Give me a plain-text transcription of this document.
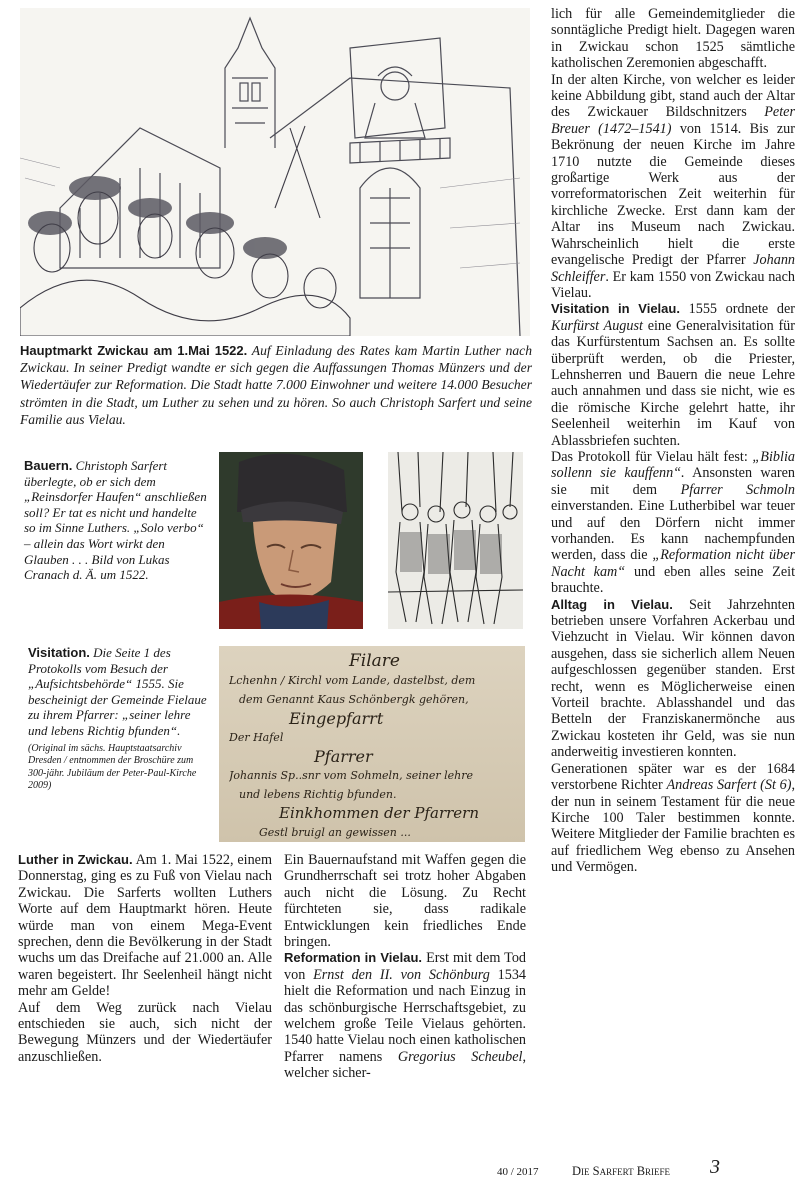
Hauptmarkt Zwickau am 1.Mai 1522. Auf Einladung des Rates kam Martin Luther nach Zwickau. In seiner Predigt wandte er sich gegen die Auffassungen Thomas Münzers und der Wiedertäufer zur Reformation. Die Stadt hatte 7.000 Einwohner und weitere 14.000 Besucher strömten in die Stadt, um Luther zu sehen und zu hören. So auch Christoph Sarfert und seine Familie aus Vielau.
Bauern. Christoph Sarfert überlegte, ob er sich dem „Reinsdorfer Haufen“ anschließen soll? Er tat es nicht und handelte so im Sinne Luthers. „Solo verbo“ – allein das Wort wirkt den Glauben . . . Bild von Lukas Cranach d. Ä. um 1522.
Visitation. Die Seite 1 des Protokolls vom Besuch der „Aufsichtsbehörde“ 1555. Sie bescheinigt der Gemeinde Fielaue zu ihrem Pfarrer: „seiner lehre und lebens Richtig bfunden“.
(Original im sächs. Hauptstaatsarchiv Dresden / entnommen der Broschüre zum 300-jähr. Jubiläum der Peter-Paul-Kirche 2009)
Filare
Lchenhn / Kirchl vom Lande, dastelbst, dem
dem Genannt Kaus Schönbergk gehören,
Eingepfarrt
Der Hafel
Pfarrer
Johannis Sp..snr vom Sohmeln, seiner lehre
und lebens Richtig bfunden.
Einkhommen der Pfarrern
Gestl bruigl an gewissen ...

Luther in Zwickau. Am 1. Mai 1522, einem Donnerstag, ging es zu Fuß von Vielau nach Zwickau. Die Sarferts wollten Luthers Worte auf dem Hauptmarkt hören. Heute würde man von einem Mega-Event sprechen, denn die Bevölkerung in der Stadt wuchs um das Dreifache auf 21.000 an. Alle waren begeistert. Ihr Seelenheil hängt nicht mehr am Gelde!

Auf dem Weg zurück nach Vielau entschieden sie auch, sich nicht der Bewegung Münzers und der Wiedertäufer anzuschließen.

Ein Bauernaufstand mit Waffen gegen die Grundherrschaft sei trotz hoher Abgaben auch nicht die Lösung. Zu Recht fürchteten sie, dass radikale Entwicklungen kein friedliches Ende bringen.

Reformation in Vielau. Erst mit dem Tod von Ernst den II. von Schönburg 1534 hielt die Reformation und nach Einzug in das schönburgische Herrschaftsgebiet, zu welchem große Teile Vielaus gehörten. 1540 hatte Vielau noch einen katholischen Pfarrer namens Gregorius Scheubel, welcher sicher-

lich für alle Gemeindemitglieder die sonntägliche Predigt hielt. Dagegen waren in Zwickau schon 1525 sämtliche katholischen Zeremonien abgeschafft.

In der alten Kirche, von welcher es leider keine Abbildung gibt, stand auch der Altar des Zwickauer Bildschnitzers Peter Breuer (1472–1541) von 1514. Bis zur Bekrönung der neuen Kirche im Jahre 1710 nutzte die Gemeinde dieses großartige Werk aus der vorreformatorischen Zeit weiterhin für kirchliche Zwecke. Erst dann kam der Altar ins Museum nach Zwickau. Wahrscheinlich hielt die erste evangelische Predigt der Pfarrer Johann Schleiffer. Er kam 1550 von Zwickau nach Vielau.

Visitation in Vielau. 1555 ordnete der Kurfürst August eine Generalvisitation für das Kurfürstentum Sachsen an. Es sollte überprüft werden, ob die Priester, Lehnsherren und Bauern die neue Lehre auch annahmen und dass sie nicht, wie es die römische Kirche gelehrt hatte, ihr Seelenheil weiterhin im Kauf von Ablassbriefen suchten.

Das Protokoll für Vielau hält fest: „Biblia sollenn sie kauffenn“. Ansonsten waren sie mit dem Pfarrer Schmoln einverstanden. Eine Lutherbibel war teuer und auf den Dörfern nicht immer vorhanden. Es kann nachempfunden werden, dass die „Reformation nicht über Nacht kam“ und eben alles seine Zeit brauchte.

Alltag in Vielau. Seit Jahrzehnten betrieben unsere Vorfahren Ackerbau und Viehzucht in Vielau. Wir können davon ausgehen, dass sie sicherlich allem Neuen aufgeschlossen gegenüber standen. Erst recht, wenn es Möglicherweise einen Vorteil brachte. Ablasshandel und das Betteln der Franziskanermönche aus Zwickau kosteten ihr Geld, was sie nun anderweitig investieren konnten.

Generationen später war es der 1684 verstorbene Richter Andreas Sarfert (St 6), der nun in seinem Testament für die neue Kirche 100 Taler bestimmen konnte. Weitere Mitglieder der Familie brachten es auf friedlichem Weg ebenso zu Ansehen und Vermögen.

40 / 2017	Die Sarfert Briefe 3
